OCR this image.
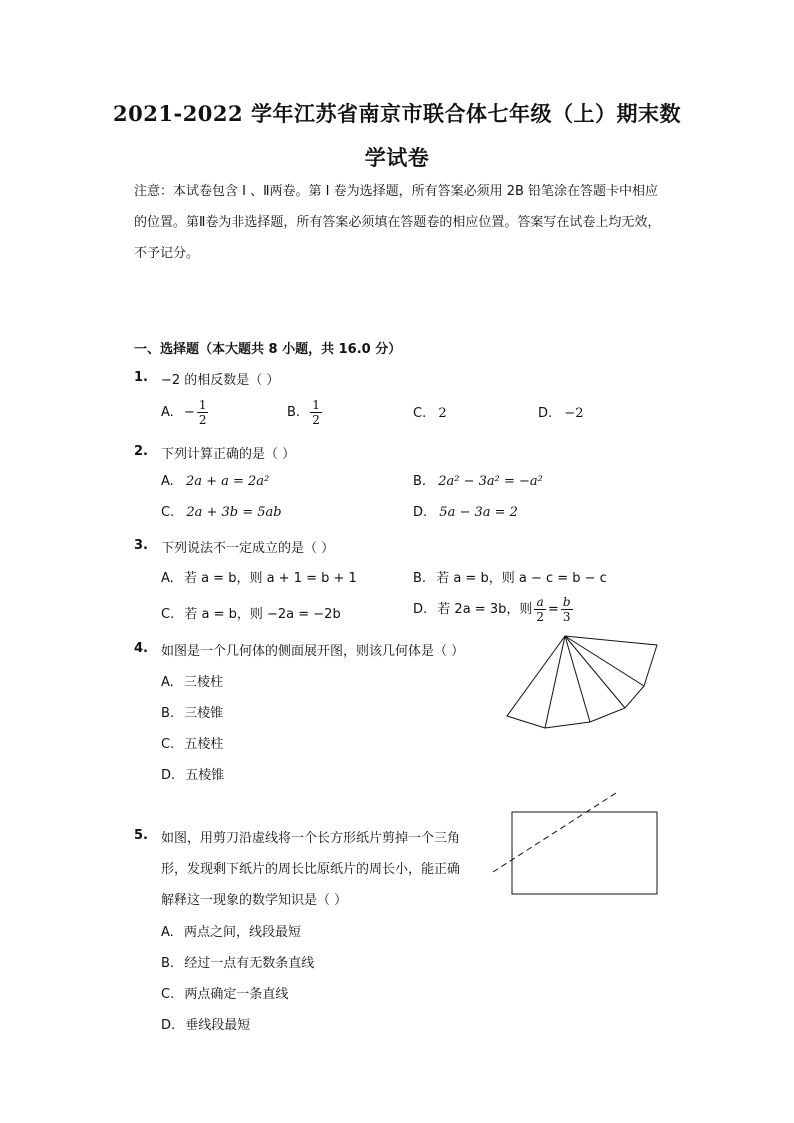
2021-2022 学年江苏省南京市联合体七年级（上）期末数
学试卷
注意：本试卷包含 Ⅰ 、Ⅱ两卷。第 Ⅰ 卷为选择题，所有答案必须用 2B 铅笔涂在答题卡中相应的位置。第Ⅱ卷为非选择题，所有答案必须填在答题卷的相应位置。答案写在试卷上均无效，不予记分。
一、选择题（本大题共 8 小题，共 16.0 分）
1. −2 的相反数是（ ）
A. − $\frac{1}{2}$	B. $\frac{1}{2}$	C. 2	D. −2
2. 下列计算正确的是（ ）
A. 2a + a = 2a²	B. 2a² − 3a² = −a²
C. 2a + 3b = 5ab	D. 5a − 3a = 2
3. 下列说法不一定成立的是（ ）
A. 若 a = b，则 a + 1 = b + 1	B. 若 a = b，则 a − c = b − c
C. 若 a = b，则 −2a = −2b	D. 若 2a = 3b，则 $\frac{a}{2} = \frac{b}{3}$
4. 如图是一个几何体的侧面展开图，则该几何体是（ ）
A. 三棱柱
B. 三棱锥
C. 五棱柱
D. 五棱锥
5. 如图，用剪刀沿虚线将一个长方形纸片剪掉一个三角
形，发现剩下纸片的周长比原纸片的周长小，能正确
解释这一现象的数学知识是（ ）
A. 两点之间，线段最短
B. 经过一点有无数条直线
C. 两点确定一条直线
D. 垂线段最短
